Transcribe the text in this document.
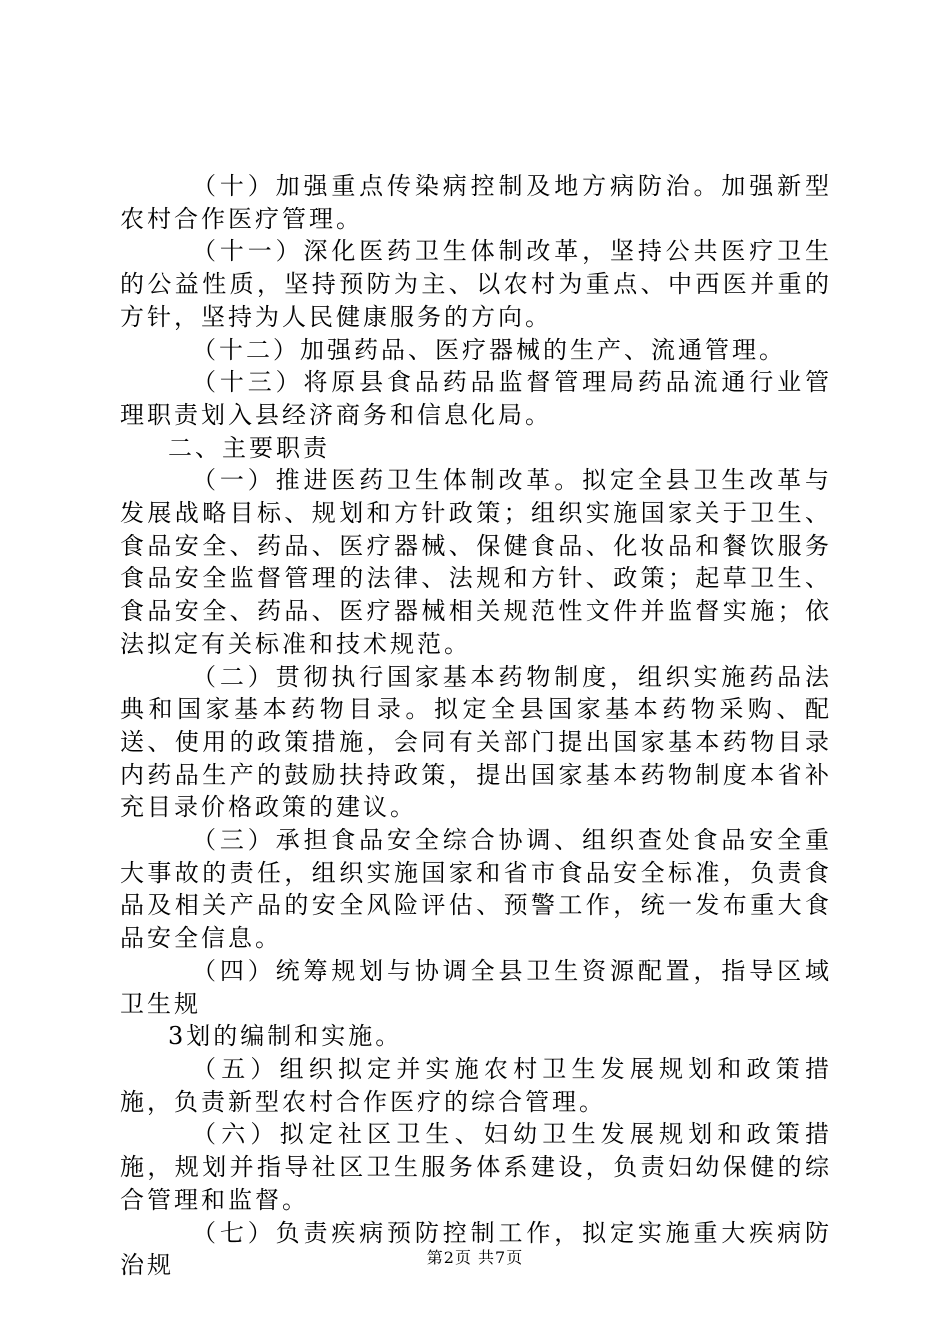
（十）加强重点传染病控制及地方病防治。加强新型农村合作医疗管理。

（十一）深化医药卫生体制改革，坚持公共医疗卫生的公益性质，坚持预防为主、以农村为重点、中西医并重的方针，坚持为人民健康服务的方向。

（十二）加强药品、医疗器械的生产、流通管理。

（十三）将原县食品药品监督管理局药品流通行业管理职责划入县经济商务和信息化局。

二、主要职责

（一）推进医药卫生体制改革。拟定全县卫生改革与发展战略目标、规划和方针政策；组织实施国家关于卫生、食品安全、药品、医疗器械、保健食品、化妆品和餐饮服务食品安全监督管理的法律、法规和方针、政策；起草卫生、食品安全、药品、医疗器械相关规范性文件并监督实施；依法拟定有关标准和技术规范。

（二）贯彻执行国家基本药物制度，组织实施药品法典和国家基本药物目录。拟定全县国家基本药物采购、配送、使用的政策措施，会同有关部门提出国家基本药物目录内药品生产的鼓励扶持政策，提出国家基本药物制度本省补充目录价格政策的建议。

（三）承担食品安全综合协调、组织查处食品安全重大事故的责任，组织实施国家和省市食品安全标准，负责食品及相关产品的安全风险评估、预警工作，统一发布重大食品安全信息。

（四）统筹规划与协调全县卫生资源配置，指导区域卫生规

3划的编制和实施。

（五）组织拟定并实施农村卫生发展规划和政策措施，负责新型农村合作医疗的综合管理。

（六）拟定社区卫生、妇幼卫生发展规划和政策措施，规划并指导社区卫生服务体系建设，负责妇幼保健的综合管理和监督。

（七）负责疾病预防控制工作，拟定实施重大疾病防治规	第2页 共7页
